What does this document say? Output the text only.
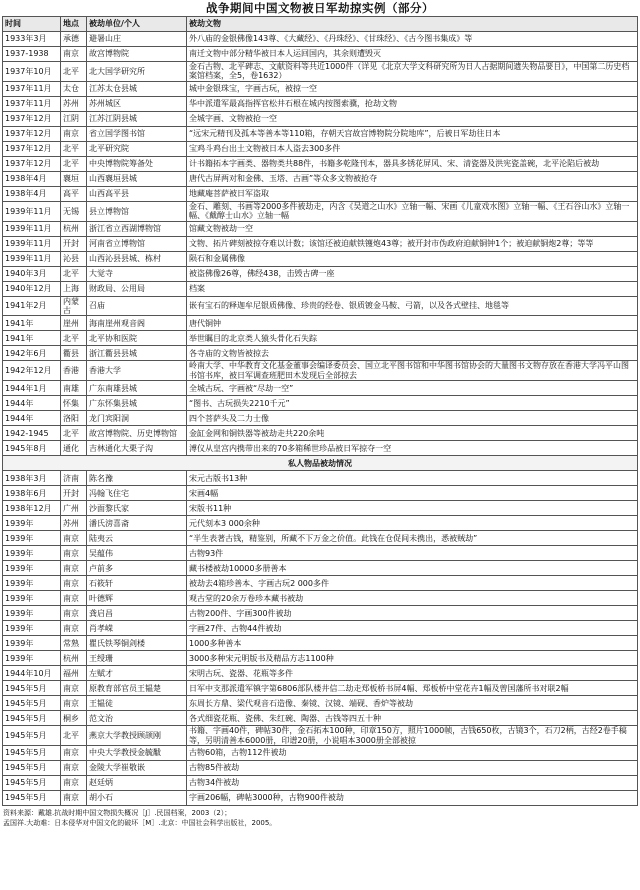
战争期间中国文物被日军劫掠实例（部分）
时间	地点	被劫单位/个人	被劫文物
1933年3月	承德	避暑山庄	外八庙的金银佛像143尊、《大藏经》、《丹珠经》、《甘珠经》、《古今图书集成》等
1937-1938	南京	故宫博物院	南迁文物中部分精华被日本人运回国内，其余则遭毁灭
1937年10月	北平	北大国学研究所	金石古物、北平碑志、文献资料等共近1000件（详见《北京大学文科研究所为日人占据期间遗失物品要目》，中国第二历史档案馆档案，全5，卷1632）
1937年11月	太仓	江苏太仓县城	城中金银珠宝，字画古玩，被掠一空
1937年11月	苏州	苏州城区	华中派遣军最高指挥官松井石根在城内按图索骥，抢劫文物
1937年12月	江阴	江苏江阴县城	全城字画、文物被抢一空
1937年12月	南京	省立国学图书馆	“远宋元精刊及孤本等善本等110箱，存朝天宫故宫博物院分院地库”，后被日军劫往日本
1937年12月	北平	北平研究院	宝鸡斗鸡台出土文物被日本人盗去300多件
1937年12月	北平	中央博物院筹备处	计书籍拓本字画类、器物类共88件，书籍多乾隆刊本，器具多锈花屏风、宋、清瓷器及洪宪瓷盖碗，北平沦陷后被劫
1938年4月	襄垣	山西襄垣县城	唐代古屏两对和金佛、玉塔、古画”等众多文物被抢夺
1938年4月	高平	山西高平县	地藏庵菩萨被日军盗取
1939年11月	无锡	县立博物馆	金石、雕刻、书画等2000多件被劫走，内含《吴道之山水》立轴一幅、宋画《儿童戏水图》立轴一幅、《王石谷山水》立轴一幅、《戴醇士山水》立轴一幅
1939年11月	杭州	浙江省立西湖博物馆	馆藏文物被劫一空
1939年11月	开封	河南省立博物馆	文物、拓片碑刻被掠夺难以计数；该馆还被迫献铁镬炮43尊；被开封市伪政府迫献铜钟1个；被迫献铜炮2尊；等等
1939年11月	沁县	山西沁县县城、栋村	陨石和金属佛像
1940年3月	北平	大觉寺	被盗佛像26尊，佛经438，击毁古碑一座
1940年12月	上海	财政局、公用局	档案
1941年2月	内蒙古	召庙	嵌有宝石的释迦牟尼银质佛像、珍贵的经卷、银质镀金马鞍、弓箭，以及各式壁挂、地毯等
1941年	崖州	海南崖州观音阁	唐代铜钟
1941年	北平	北平协和医院	举世瞩目的北京类人猿头骨化石失踪
1942年6月	衢县	浙江衢县县城	各寺庙的文物皆被掠去
1942年12月	香港	香港大学	岭南大学、中华教育文化基金董事会编译委员会、国立北平图书馆和中华图书馆协会的大量图书文物存放在香港大学冯平山图书馆书库，被日军调查班肥田木发现后全部掠去
1944年1月	南雄	广东南雄县城	全城古玩、字画被“尽劫一空”
1944年	怀集	广东怀集县城	“图书、古玩损失2210千元”
1944年	洛阳	龙门宾阳洞	四个菩萨头及二力士像
1942-1945	北平	故宫博物院、历史博物馆	金缸金网和铜铁器等被劫走共220余吨
1945年8月	通化	吉林通化大栗子沟	溥仪从皇宫内携带出来的70多箱稀世珍品被日军掠夺一空
私人物品被劫情况			
1938年3月	济南	陈名豫	宋元古版书13种
1938年6月	开封	冯翰飞住宅	宋画4幅
1938年12月	广州	沙面黎氏家	宋版书11种
1939年	苏州	潘氏滂喜斋	元代刻本3 000余种
1939年	南京	陆夷云	“半生表著古钱，精鉴别，所藏不下万金之价值。此钱在仓促间未携出，悉被贼劫”
1939年	南京	吴蕴伟	古物93件
1939年	南京	卢前多	藏书楼被劫10000多册善本
1939年	南京	石筱轩	被劫去4箱珍善本、字画古玩2 000多件
1939年	南京	叶德辉	观古堂的20余万卷珍本藏书被劫
1939年	南京	龚启昌	古物200件、字画300件被劫
1939年	南京	肖孝嵘	字画27件、古物44件被劫
1939年	常熟	瞿氏铁琴铜剑楼	1000多种善本
1939年	杭州	王绶珊	3000多种宋元明版书及精品方志1100种
1944年10月	福州	左赋才	宋明古玩、瓷器、花瓶等多件
1945年5月	南京	原教育部官员王韫楚	日军中支那派遣军镇字第6806部队楼井信二劫走郑板桥书屏4幅、郑板桥中堂花卉1幅及曾国藩所书对联2幅
1945年5月	南京	王韫徒	东周长方鼎、梁代观音石造像、秦镜、汉镜、端砚、香炉等被劫
1945年5月	桐乡	范文治	各式细瓷花瓶、瓷佛、朱红碗、陶器、古钱等四五十种
1945年5月	北平	燕京大学教授顾颉刚	书籍、字画40件，碑帖30件，金石拓本100种，印章150方，照片1000帧，古钱650枚，古镜3个，石刀2柄，古经2卷手稿等，另明清善本6000册，印谱20册，小说唱本3000册全部被掠
1945年5月	南京	中央大学教授金毓黻	古物60箱，古物112件被劫
1945年5月	南京	金陵大学崔敬嵌	古物85件被劫
1945年5月	南京	赵廷炳	古物34件被劫
1945年5月	南京	胡小石	字画206幅，碑帖3000种，古物900件被劫
资料来源：戴雄.抗战时期中国文物损失概况［J］.民国档案，2003（2）；
孟国祥.大劫难：日本侵华对中国文化的破坏［M］.北京：中国社会科学出版社，2005。
